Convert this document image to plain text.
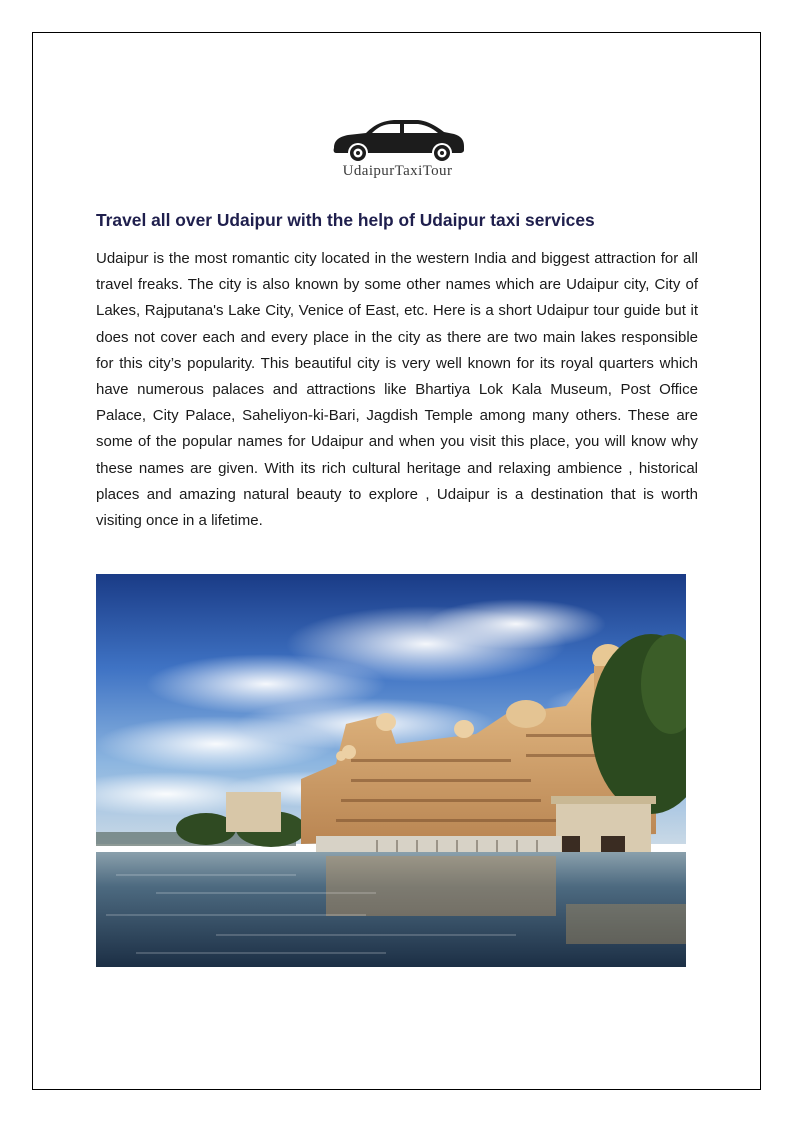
UdaipurTaxiTour
Travel all over Udaipur with the help of Udaipur taxi services

Udaipur is the most romantic city located in the western India and biggest attraction for all travel freaks. The city is also known by some other names which are Udaipur city, City of Lakes, Rajputana's Lake City, Venice of East, etc. Here is a short Udaipur tour guide but it does not cover each and every place in the city as there are two main lakes responsible for this city’s popularity. This beautiful city is very well known for its royal quarters which have numerous palaces and attractions like Bhartiya Lok Kala Museum, Post Office Palace, City Palace, Saheliyon-ki-Bari, Jagdish Temple among many others. These are some of the popular names for Udaipur and when you visit this place, you will know why these names are given. With its rich cultural heritage and relaxing ambience , historical places and amazing natural beauty to explore , Udaipur is a destination that is worth visiting once in a lifetime.
